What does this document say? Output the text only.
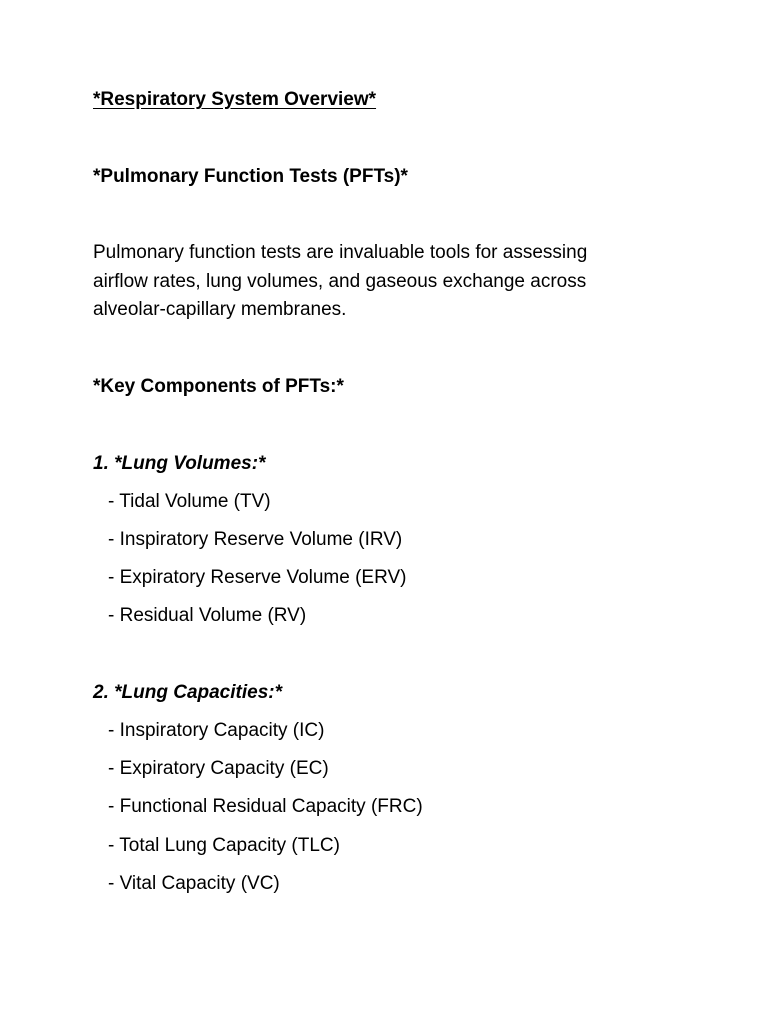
*Respiratory System Overview*
*Pulmonary Function Tests (PFTs)*
Pulmonary function tests are invaluable tools for assessing
airflow rates, lung volumes, and gaseous exchange across
alveolar-capillary membranes.
*Key Components of PFTs:*
1. *Lung Volumes:*
- Tidal Volume (TV)
- Inspiratory Reserve Volume (IRV)
- Expiratory Reserve Volume (ERV)
- Residual Volume (RV)
2. *Lung Capacities:*
- Inspiratory Capacity (IC)
- Expiratory Capacity (EC)
- Functional Residual Capacity (FRC)
- Total Lung Capacity (TLC)
- Vital Capacity (VC)
